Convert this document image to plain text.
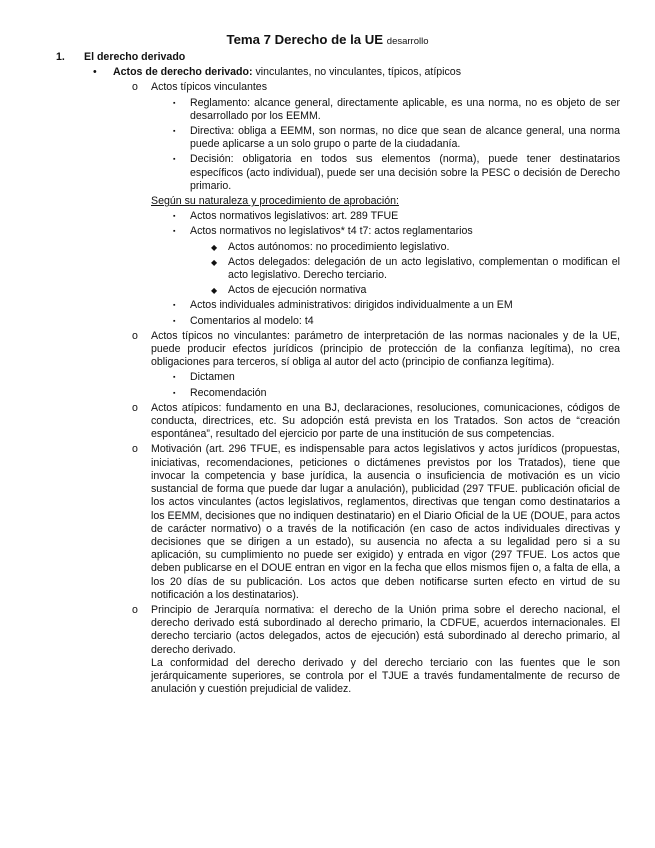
Tema 7 Derecho de la UE desarrollo
1. El derecho derivado
• Actos de derecho derivado: vinculantes, no vinculantes, típicos, atípicos
o Actos típicos vinculantes
▪ Reglamento: alcance general, directamente aplicable, es una norma, no es objeto de ser desarrollado por los EEMM.
▪ Directiva: obliga a EEMM, son normas, no dice que sean de alcance general, una norma puede aplicarse a un solo grupo o parte de la ciudadanía.
▪ Decisión: obligatoria en todos sus elementos (norma), puede tener destinatarios específicos (acto individual), puede ser una decisión sobre la PESC o decisión de Derecho primario.
Según su naturaleza y procedimiento de aprobación:
▪ Actos normativos legislativos: art. 289 TFUE
▪ Actos normativos no legislativos* t4 t7: actos reglamentarios
◆ Actos autónomos: no procedimiento legislativo.
◆ Actos delegados: delegación de un acto legislativo, complementan o modifican el acto legislativo. Derecho terciario.
◆ Actos de ejecución normativa
▪ Actos individuales administrativos: dirigidos individualmente a un EM
▪ Comentarios al modelo: t4
o Actos típicos no vinculantes: parámetro de interpretación de las normas nacionales y de la UE, puede producir efectos jurídicos (principio de protección de la confianza legítima), no crea obligaciones para terceros, sí obliga al autor del acto (principio de confianza legítima).
▪ Dictamen
▪ Recomendación
o Actos atípicos: fundamento en una BJ, declaraciones, resoluciones, comunicaciones, códigos de conducta, directrices, etc. Su adopción está prevista en los Tratados. Son actos de “creación espontánea”, resultado del ejercicio por parte de una institución de sus competencias.
o Motivación (art. 296 TFUE, es indispensable para actos legislativos y actos jurídicos (propuestas, iniciativas, recomendaciones, peticiones o dictámenes previstos por los Tratados), tiene que invocar la competencia y base jurídica, la ausencia o insuficiencia de motivación es un vicio sustancial de forma que puede dar lugar a anulación), publicidad (297 TFUE. publicación oficial de los actos vinculantes (actos legislativos, reglamentos, directivas que tengan como destinatarios a los EEMM, decisiones que no indiquen destinatario) en el Diario Oficial de la UE (DOUE, para actos de carácter normativo) o a través de la notificación (en caso de actos individuales directivas y decisiones que se dirigen a un estado), su ausencia no afecta a su legalidad pero si a su aplicación, su cumplimiento no puede ser exigido) y entrada en vigor (297 TFUE. Los actos que deben publicarse en el DOUE entran en vigor en la fecha que ellos mismos fijen o, a falta de ella, a los 20 días de su publicación. Los actos que deben notificarse surten efecto en virtud de su notificación a los destinatarios).
o Principio de Jerarquía normativa: el derecho de la Unión prima sobre el derecho nacional, el derecho derivado está subordinado al derecho primario, la CDFUE, acuerdos internacionales. El derecho terciario (actos delegados, actos de ejecución) está subordinado al derecho primario, al derecho derivado.
La conformidad del derecho derivado y del derecho terciario con las fuentes que le son jerárquicamente superiores, se controla por el TJUE a través fundamentalmente de recurso de anulación y cuestión prejudicial de validez.
